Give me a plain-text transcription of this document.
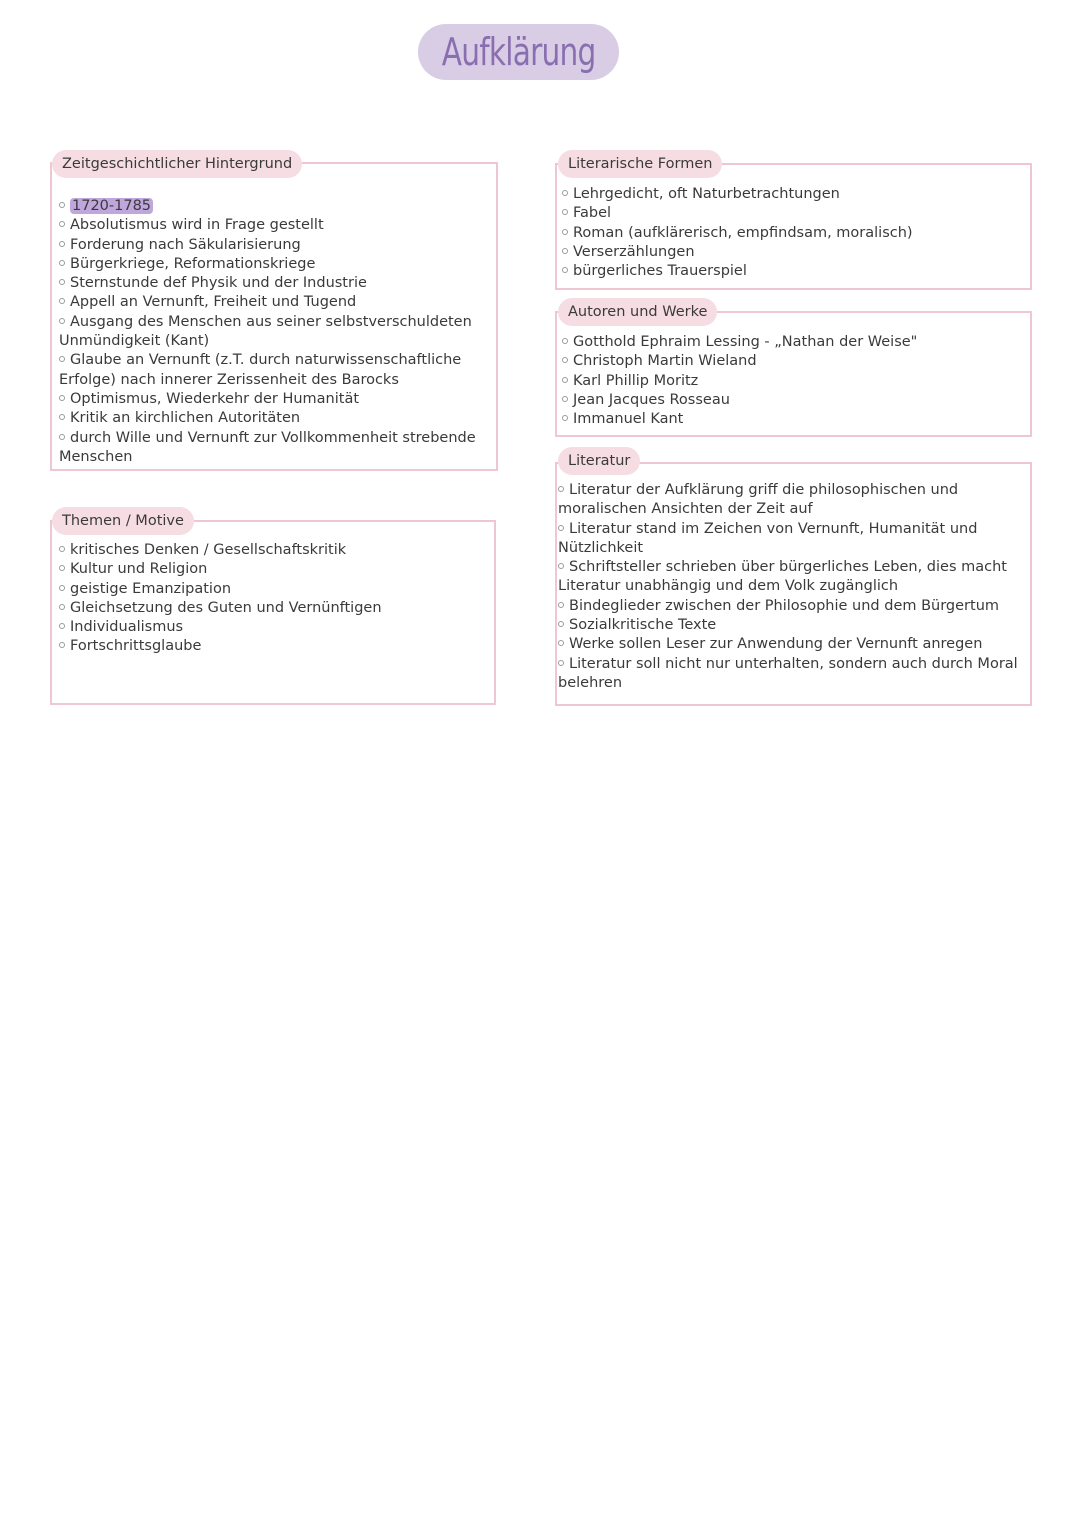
Aufklärung
Zeitgeschichtlicher Hintergrund
1720-1785
Absolutismus wird in Frage gestellt
Forderung nach Säkularisierung
Bürgerkriege, Reformationskriege
Sternstunde def Physik und der Industrie
Appell an Vernunft, Freiheit und Tugend
Ausgang des Menschen aus seiner selbstverschuldeten Unmündigkeit (Kant)
Glaube an Vernunft (z.T. durch naturwissenschaftliche Erfolge) nach innerer Zerissenheit des Barocks
Optimismus, Wiederkehr der Humanität
Kritik an kirchlichen Autoritäten
durch Wille und Vernunft zur Vollkommenheit strebende Menschen
Themen / Motive
kritisches Denken / Gesellschaftskritik
Kultur und Religion
geistige Emanzipation
Gleichsetzung des Guten und Vernünftigen
Individualismus
Fortschrittsglaube
Literarische Formen
Lehrgedicht, oft Naturbetrachtungen
Fabel
Roman (aufklärerisch, empfindsam, moralisch)
Verserzählungen
bürgerliches Trauerspiel
Autoren und Werke
Gotthold Ephraim Lessing - „Nathan der Weise"
Christoph Martin Wieland
Karl Phillip Moritz
Jean Jacques Rosseau
Immanuel Kant
Literatur
Literatur der Aufklärung griff die philosophischen und moralischen Ansichten der Zeit auf
Literatur stand im Zeichen von Vernunft, Humanität und Nützlichkeit
Schriftsteller schrieben über bürgerliches Leben, dies macht Literatur unabhängig und dem Volk zugänglich
Bindeglieder zwischen der Philosophie und dem Bürgertum
Sozialkritische Texte
Werke sollen Leser zur Anwendung der Vernunft anregen
Literatur soll nicht nur unterhalten, sondern auch durch Moral belehren
